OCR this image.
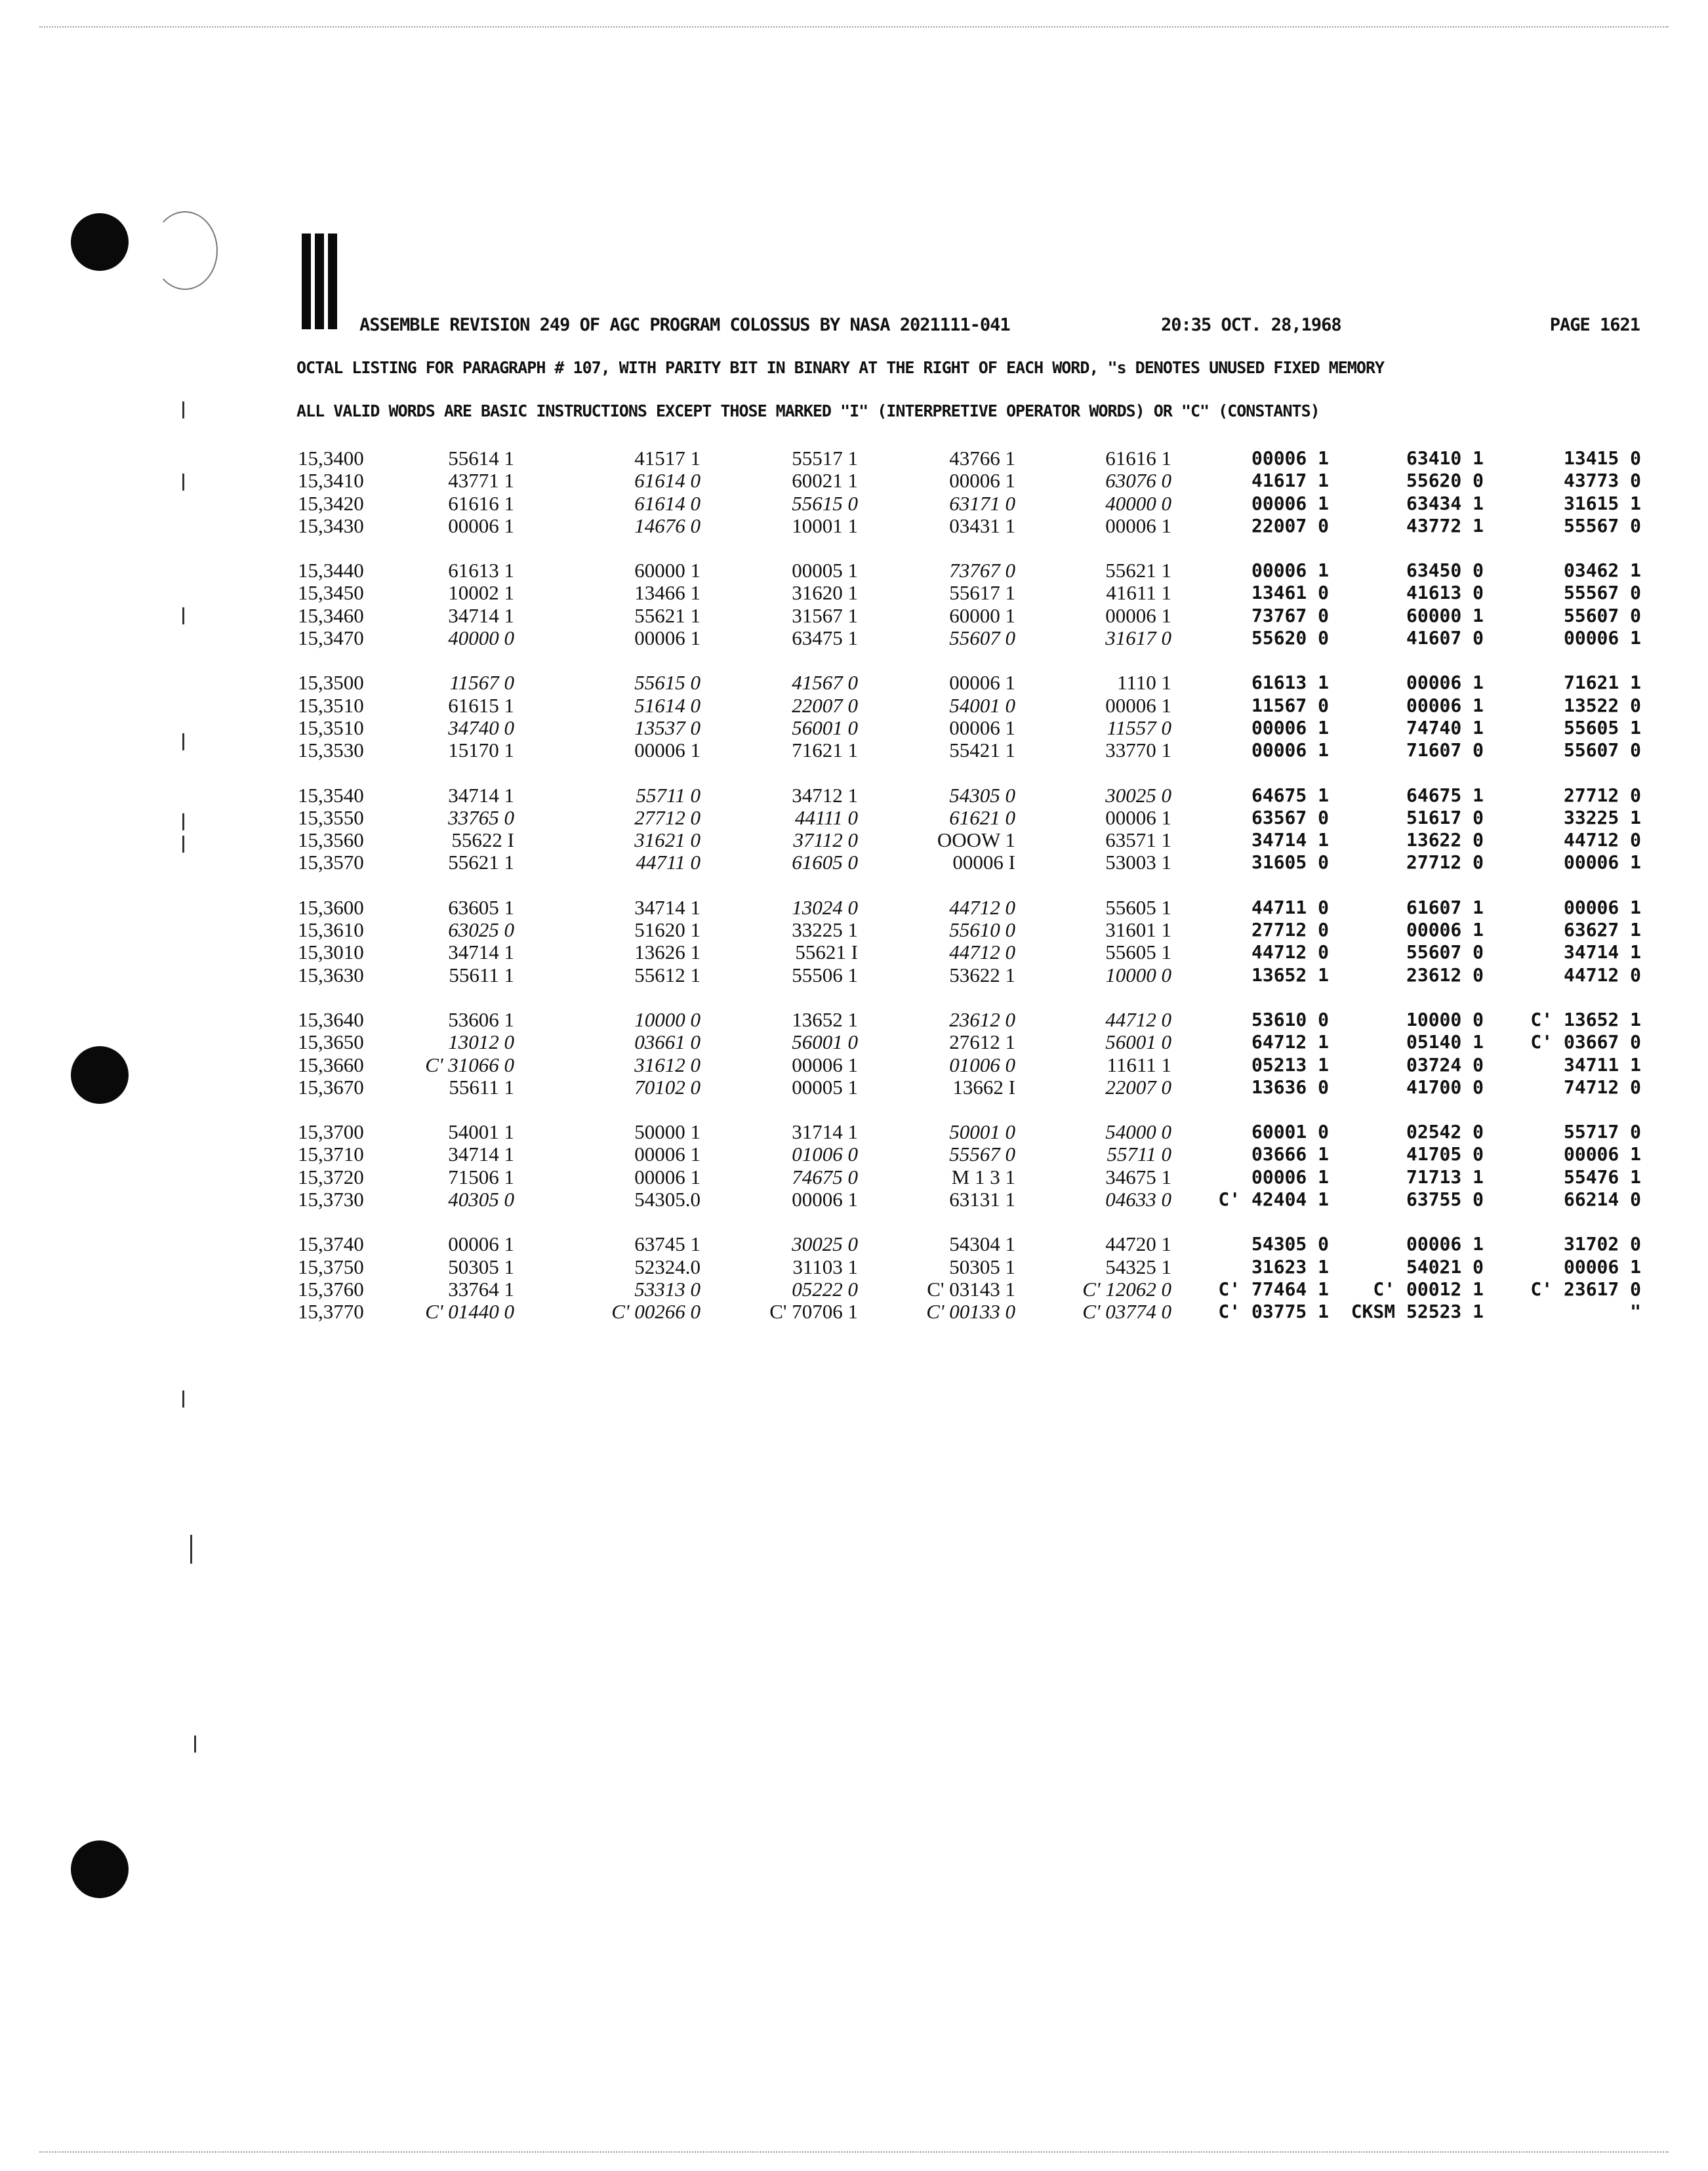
ASSEMBLE REVISION 249 OF AGC PROGRAM COLOSSUS BY NASA 2021111-041	20:35 OCT. 28,1968	PAGE 1621
OCTAL LISTING FOR PARAGRAPH # 107, WITH PARITY BIT IN BINARY AT THE RIGHT OF EACH WORD, "s DENOTES UNUSED FIXED MEMORY
ALL VALID WORDS ARE BASIC INSTRUCTIONS EXCEPT THOSE MARKED "I" (INTERPRETIVE OPERATOR WORDS) OR "C" (CONSTANTS)
15,3400	55614 1	41517 1	55517 1	43766 1	61616 1	00006 1	63410 1	13415 0
15,3410	43771 1	61614 0	60021 1	00006 1	63076 0	41617 1	55620 0	43773 0
15,3420	61616 1	61614 0	55615 0	63171 0	40000 0	00006 1	63434 1	31615 1
15,3430	00006 1	14676 0	10001 1	03431 1	00006 1	22007 0	43772 1	55567 0
15,3440	61613 1	60000 1	00005 1	73767 0	55621 1	00006 1	63450 0	03462 1
15,3450	10002 1	13466 1	31620 1	55617 1	41611 1	13461 0	41613 0	55567 0
15,3460	34714 1	55621 1	31567 1	60000 1	00006 1	73767 0	60000 1	55607 0
15,3470	40000 0	00006 1	63475 1	55607 0	31617 0	55620 0	41607 0	00006 1
15,3500	11567 0	55615 0	41567 0	00006 1	1110 1	61613 1	00006 1	71621 1
15,3510	61615 1	51614 0	22007 0	54001 0	00006 1	11567 0	00006 1	13522 0
15,3510	34740 0	13537 0	56001 0	00006 1	11557 0	00006 1	74740 1	55605 1
15,3530	15170 1	00006 1	71621 1	55421 1	33770 1	00006 1	71607 0	55607 0
15,3540	34714 1	55711 0	34712 1	54305 0	30025 0	64675 1	64675 1	27712 0
15,3550	33765 0	27712 0	44111 0	61621 0	00006 1	63567 0	51617 0	33225 1
15,3560	55622 I	31621 0	37112 0	OOOW 1	63571 1	34714 1	13622 0	44712 0
15,3570	55621 1	44711 0	61605 0	00006 I	53003 1	31605 0	27712 0	00006 1
15,3600	63605 1	34714 1	13024 0	44712 0	55605 1	44711 0	61607 1	00006 1
15,3610	63025 0	51620 1	33225 1	55610 0	31601 1	27712 0	00006 1	63627 1
15,3010	34714 1	13626 1	55621 I	44712 0	55605 1	44712 0	55607 0	34714 1
15,3630	55611 1	55612 1	55506 1	53622 1	10000 0	13652 1	23612 0	44712 0
15,3640	53606 1	10000 0	13652 1	23612 0	44712 0	53610 0	10000 0	C' 13652 1
15,3650	13012 0	03661 0	56001 0	27612 1	56001 0	64712 1	05140 1	C' 03667 0
15,3660	C' 31066 0	31612 0	00006 1	01006 0	11611 1	05213 1	03724 0	34711 1
15,3670	55611 1	70102 0	00005 1	13662 I	22007 0	13636 0	41700 0	74712 0
15,3700	54001 1	50000 1	31714 1	50001 0	54000 0	60001 0	02542 0	55717 0
15,3710	34714 1	00006 1	01006 0	55567 0	55711 0	03666 1	41705 0	00006 1
15,3720	71506 1	00006 1	74675 0	M 1 3 1	34675 1	00006 1	71713 1	55476 1
15,3730	40305 0	54305.0	00006 1	63131 1	04633 0	C' 42404 1	63755 0	66214 0
15,3740	00006 1	63745 1	30025 0	54304 1	44720 1	54305 0	00006 1	31702 0
15,3750	50305 1	52324.0	31103 1	50305 1	54325 1	31623 1	54021 0	00006 1
15,3760	33764 1	53313 0	05222 0	C' 03143 1	C' 12062 0	C' 77464 1 C' 00012 1	C' 23617 0
15,3770	C' 01440 0	C' 00266 0	C' 70706 1	C' 00133 0	C' 03774 0	C' 03775 1 CKSM 52523 1	"
